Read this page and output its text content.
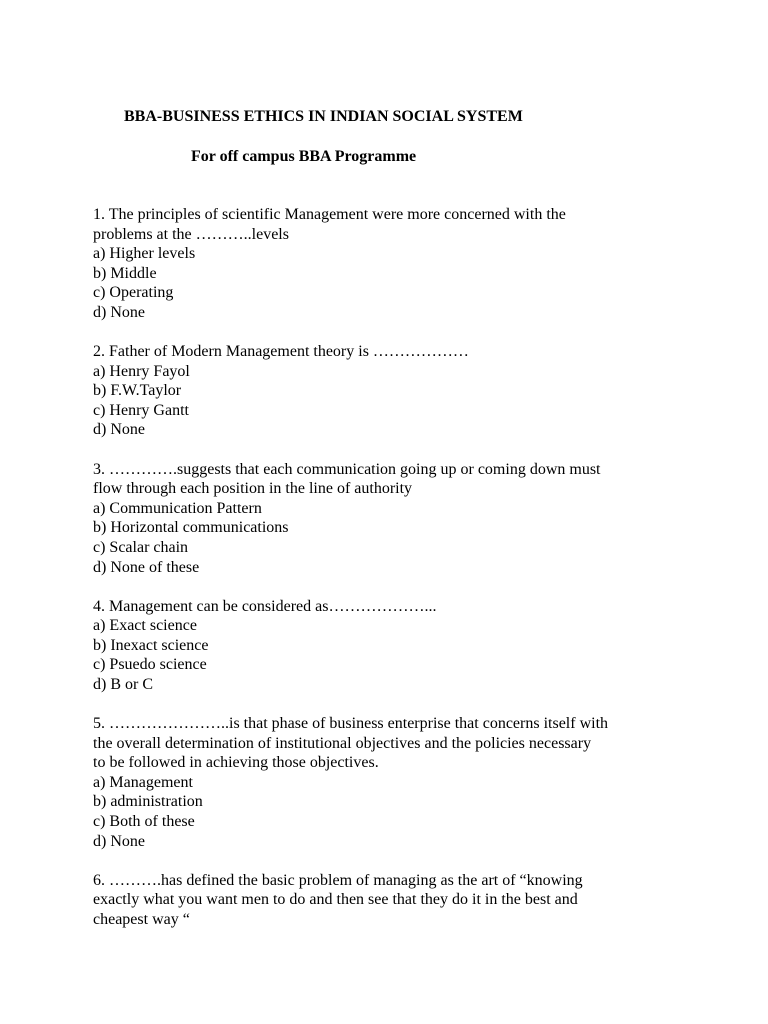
BBA-BUSINESS ETHICS IN INDIAN SOCIAL SYSTEM
For off campus BBA Programme
1. The principles of scientific Management were more concerned with the
problems at the ………..levels
a) Higher levels
b) Middle
c) Operating
d) None
2. Father of Modern Management theory is ………………
a) Henry Fayol
b) F.W.Taylor
c) Henry Gantt
d) None
3. ………….suggests that each communication going up or coming down must
flow through each position in the line of authority
a) Communication Pattern
b) Horizontal communications
c) Scalar chain
d) None of these
4. Management can be considered as………………...
a) Exact science
b) Inexact science
c) Psuedo science
d) B or C
5. …………………..is that phase of business enterprise that concerns itself with
the overall determination of institutional objectives and the policies necessary
to be followed in achieving those objectives.
a) Management
b) administration
c) Both of these
d) None
6. ……….has defined the basic problem of managing as the art of “knowing
exactly what you want men to do and then see that they do it in the best and
cheapest way “
